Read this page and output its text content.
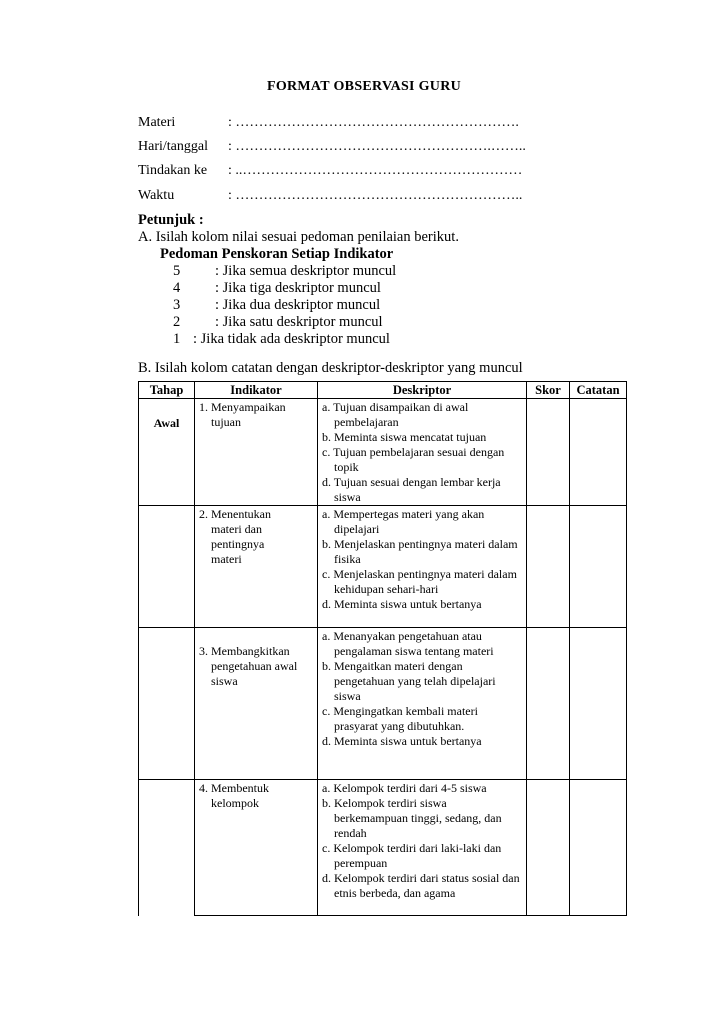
FORMAT OBSERVASI GURU
Materi	: …………………………………………………….
Hari/tanggal : ……………………………………………….……..
Tindakan ke : ..……………………………………………………
Waktu	: ……………………………………………………..
Petunjuk :
A. Isilah kolom nilai sesuai pedoman penilaian berikut.
Pedoman Penskoran Setiap Indikator
5 : Jika semua deskriptor muncul
4 : Jika tiga deskriptor muncul
3 : Jika dua deskriptor muncul
2 : Jika satu deskriptor muncul
1 : Jika tidak ada deskriptor muncul
B. Isilah kolom catatan dengan deskriptor-deskriptor yang muncul
Tahap	Indikator	Deskriptor	Skor	Catatan
Awal	1. Menyampaikan tujuan	a. Tujuan disampaikan di awal pembelajaran
b. Meminta siswa mencatat tujuan
c. Tujuan pembelajaran sesuai dengan topik
d. Tujuan sesuai dengan lembar kerja siswa		

	2. Menentukan materi dan pentingnya materi	a. Mempertegas materi yang akan dipelajari
b. Menjelaskan pentingnya materi dalam fisika
c. Menjelaskan pentingnya materi dalam kehidupan sehari-hari
d. Meminta siswa untuk bertanya		

	3. Membangkitkan pengetahuan awal siswa	a. Menanyakan pengetahuan atau pengalaman siswa tentang materi
b. Mengaitkan materi dengan pengetahuan yang telah dipelajari siswa
c. Mengingatkan kembali materi prasyarat yang dibutuhkan.
d. Meminta siswa untuk bertanya		

	4. Membentuk kelompok	a. Kelompok terdiri dari 4-5 siswa
b. Kelompok terdiri siswa berkemampuan tinggi, sedang, dan rendah
c. Kelompok terdiri dari laki-laki dan perempuan
d. Kelompok terdiri dari status sosial dan etnis berbeda, dan agama		
